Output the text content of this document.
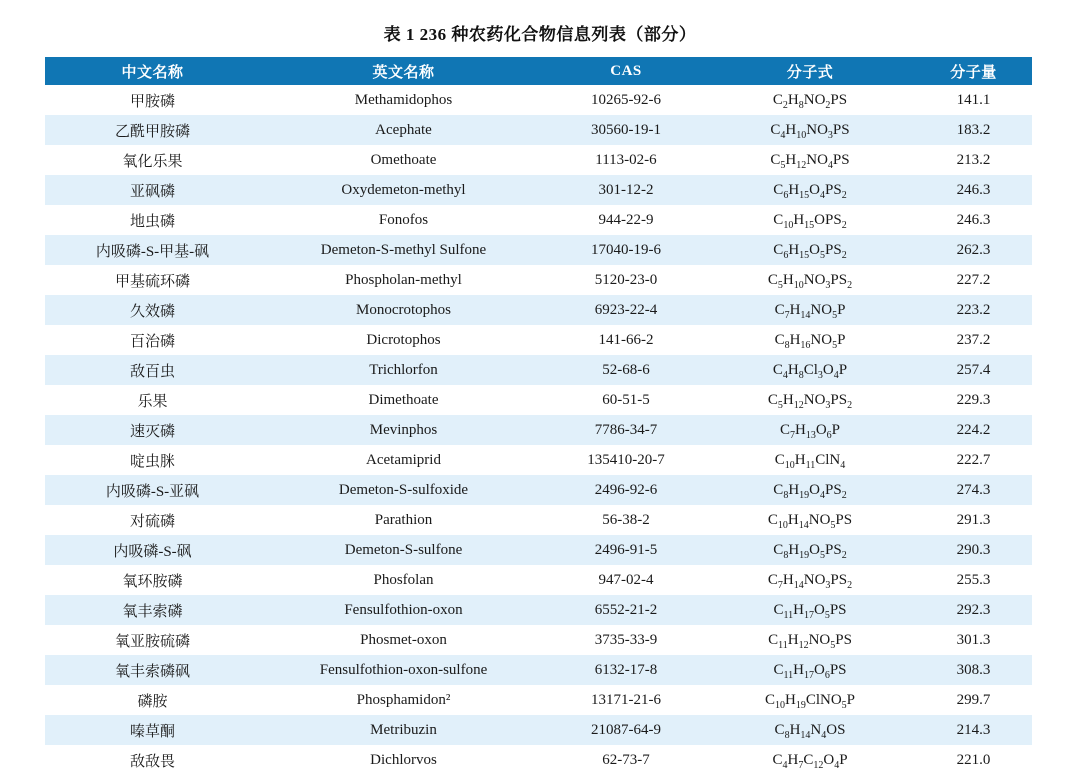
表 1 236 种农药化合物信息列表（部分）
中文名称	英文名称	CAS	分子式	分子量
甲胺磷	Methamidophos	10265-92-6	$C_2H_8NO_2PS$	141.1
乙酰甲胺磷	Acephate	30560-19-1	$C_4H_{10}NO_3PS$	183.2
氧化乐果	Omethoate	1113-02-6	$C_5H_{12}NO_4PS$	213.2
亚砜磷	Oxydemeton-methyl	301-12-2	$C_6H_{15}O_4PS_2$	246.3
地虫磷	Fonofos	944-22-9	$C_{10}H_{15}OPS_2$	246.3
内吸磷-S-甲基-砜	Demeton-S-methyl Sulfone	17040-19-6	$C_6H_{15}O_5PS_2$	262.3
甲基硫环磷	Phospholan-methyl	5120-23-0	$C_5H_{10}NO_3PS_2$	227.2
久效磷	Monocrotophos	6923-22-4	$C_7H_{14}NO_5P$	223.2
百治磷	Dicrotophos	141-66-2	$C_8H_{16}NO_5P$	237.2
敌百虫	Trichlorfon	52-68-6	$C_4H_8Cl_3O_4P$	257.4
乐果	Dimethoate	60-51-5	$C_5H_{12}NO_3PS_2$	229.3
速灭磷	Mevinphos	7786-34-7	$C_7H_{13}O_6P$	224.2
啶虫脒	Acetamiprid	135410-20-7	$C_{10}H_{11}ClN_4$	222.7
内吸磷-S-亚砜	Demeton-S-sulfoxide	2496-92-6	$C_8H_{19}O_4PS_2$	274.3
对硫磷	Parathion	56-38-2	$C_{10}H_{14}NO_5PS$	291.3
内吸磷-S-砜	Demeton-S-sulfone	2496-91-5	$C_8H_{19}O_5PS_2$	290.3
氧环胺磷	Phosfolan	947-02-4	$C_7H_{14}NO_3PS_2$	255.3
氧丰索磷	Fensulfothion-oxon	6552-21-2	$C_{11}H_{17}O_5PS$	292.3
氧亚胺硫磷	Phosmet-oxon	3735-33-9	$C_{11}H_{12}NO_5PS$	301.3
氧丰索磷砜	Fensulfothion-oxon-sulfone	6132-17-8	$C_{11}H_{17}O_6PS$	308.3
磷胺	Phosphamidon²	13171-21-6	$C_{10}H_{19}ClNO_5P$	299.7
嗪草酮	Metribuzin	21087-64-9	$C_8H_{14}N_4OS$	214.3
敌敌畏	Dichlorvos	62-73-7	$C_4H_7C_{12}O_4P$	221.0
